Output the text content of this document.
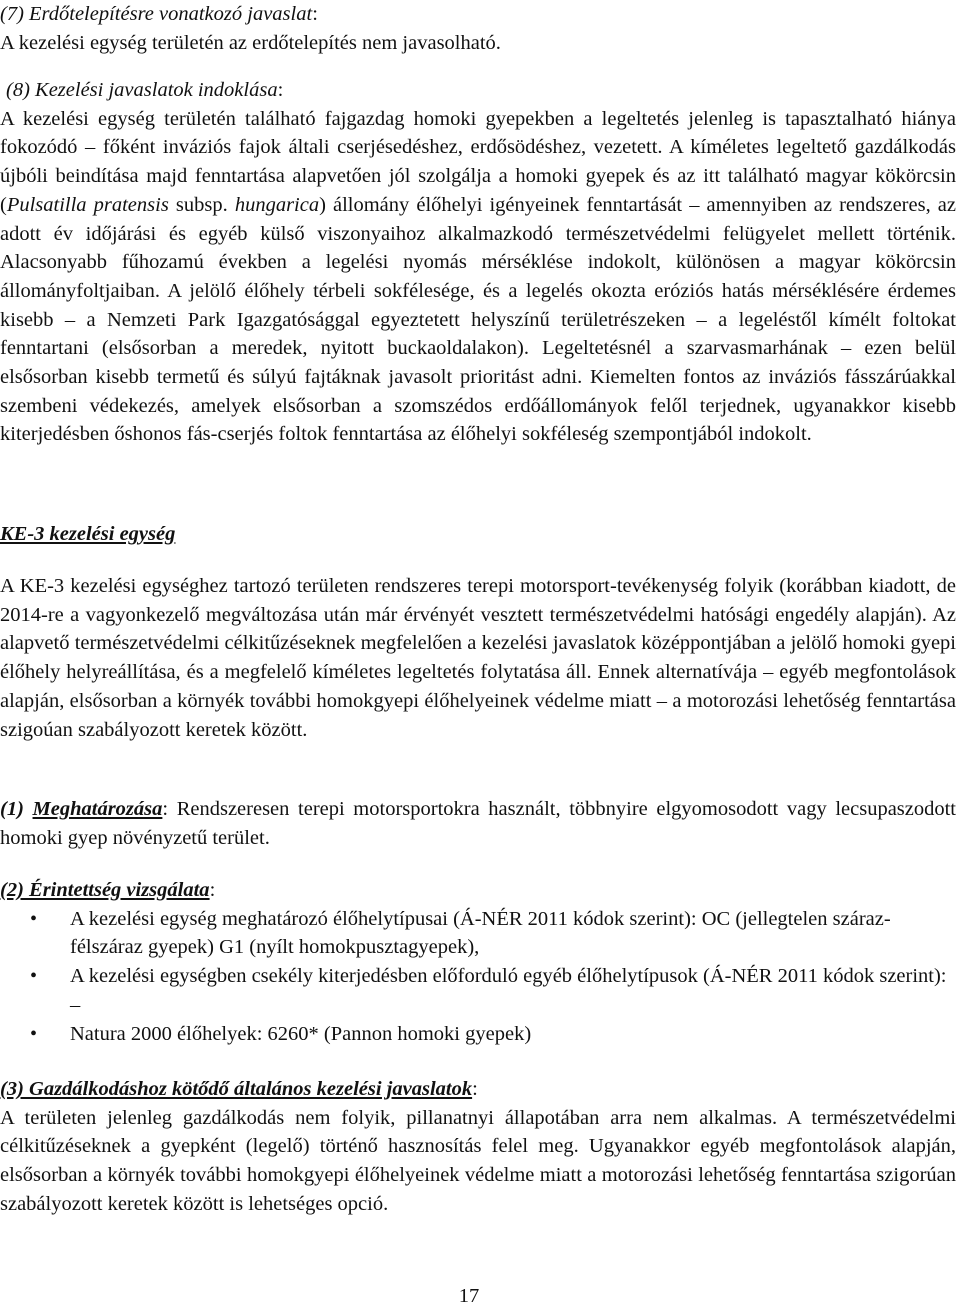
(7) Erdőtelepítésre vonatkozó javaslat:

A kezelési egység területén az erdőtelepítés nem javasolható.

(8) Kezelési javaslatok indoklása:

A kezelési egység területén található fajgazdag homoki gyepekben a legeltetés jelenleg is tapasztalható hiánya fokozódó – főként inváziós fajok általi cserjésedéshez, erdősödéshez, vezetett. A kíméletes legeltető gazdálkodás újbóli beindítása majd fenntartása alapvetően jól szolgálja a homoki gyepek és az itt található magyar kökörcsin (Pulsatilla pratensis subsp. hungarica) állomány élőhelyi igényeinek fenntartását – amennyiben az rendszeres, az adott év időjárási és egyéb külső viszonyaihoz alkalmazkodó természetvédelmi felügyelet mellett történik. Alacsonyabb fűhozamú években a legelési nyomás mérséklése indokolt, különösen a magyar kökörcsin állományfoltjaiban. A jelölő élőhely térbeli sokfélesége, és a legelés okozta eróziós hatás mérséklésére érdemes kisebb – a Nemzeti Park Igazgatósággal egyeztetett helyszínű területrészeken – a legeléstől kímélt foltokat fenntartani (elsősorban a meredek, nyitott buckaoldalakon). Legeltetésnél a szarvasmarhának – ezen belül elsősorban kisebb termetű és súlyú fajtáknak javasolt prioritást adni. Kiemelten fontos az inváziós fásszárúakkal szembeni védekezés, amelyek elsősorban a szomszédos erdőállományok felől terjednek, ugyanakkor kisebb kiterjedésben őshonos fás-cserjés foltok fenntartása az élőhelyi sokféleség szempontjából indokolt.

KE-3 kezelési egység

A KE-3 kezelési egységhez tartozó területen rendszeres terepi motorsport-tevékenység folyik (korábban kiadott, de 2014-re a vagyonkezelő megváltozása után már érvényét vesztett természetvédelmi hatósági engedély alapján). Az alapvető természetvédelmi célkitűzéseknek megfelelően a kezelési javaslatok középpontjában a jelölő homoki gyepi élőhely helyreállítása, és a megfelelő kíméletes legeltetés folytatása áll. Ennek alternatívája – egyéb megfontolások alapján, elsősorban a környék további homokgyepi élőhelyeinek védelme miatt – a motorozási lehetőség fenntartása szigoúan szabályozott keretek között.

(1) Meghatározása: Rendszeresen terepi motorsportokra használt, többnyire elgyomosodott vagy lecsupaszodott homoki gyep növényzetű terület.

(2) Érintettség vizsgálata:

• A kezelési egység meghatározó élőhelytípusai (Á-NÉR 2011 kódok szerint): OC (jellegtelen száraz- félszáraz gyepek) G1 (nyílt homokpusztagyepek),
• A kezelési egységben csekély kiterjedésben előforduló egyéb élőhelytípusok (Á-NÉR 2011 kódok szerint): –
• Natura 2000 élőhelyek: 6260* (Pannon homoki gyepek)

(3) Gazdálkodáshoz kötődő általános kezelési javaslatok:

A területen jelenleg gazdálkodás nem folyik, pillanatnyi állapotában arra nem alkalmas. A természetvédelmi célkitűzéseknek a gyepként (legelő) történő hasznosítás felel meg. Ugyanakkor egyéb megfontolások alapján, elsősorban a környék további homokgyepi élőhelyeinek védelme miatt a motorozási lehetőség fenntartása szigorúan szabályozott keretek között is lehetséges opció.

17
